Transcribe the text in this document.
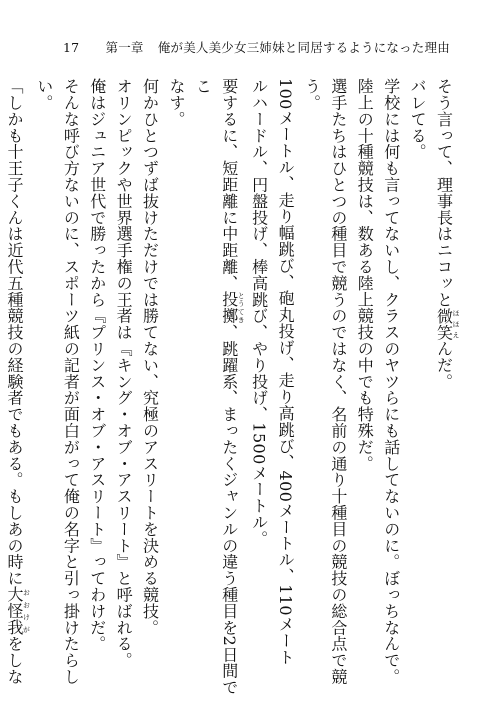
17 第一章 俺が美人美少女三姉妹と同居するようになった理由

そう言って、理事長はニコッと微笑ほほえんだ。

バレてる。

学校には何も言ってないし、クラスのヤツらにも話してないのに。ぼっちなんで。

陸上の十種競技は、数ある陸上競技の中でも特殊だ。

選手たちはひとつの種目で競うのではなく、名前の通り十種目の競技の総合点で競う。

100メートル、走り幅跳び、砲丸投げ、走り高跳び、400メートル、110メート

ルハードル、円盤投げ、棒高跳び、やり投げ、1500メートル。

要するに、短距離に中距離、投擲とうてき、跳躍系、まったくジャンルの違う種目を2日間でこ

なす。

何かひとつずば抜けただけでは勝てない、究極のアスリートを決める競技。

オリンピックや世界選手権の王者は『キング・オブ・アスリート』と呼ばれる。

俺はジュニア世代で勝ったから『プリンス・オブ・アスリート』ってわけだ。

そんな呼び方ないのに、スポーツ紙の記者が面白がって俺の名字と引っ掛けたらしい。

「しかも十王子くんは近代五種競技の経験者でもある。もしあの時に大怪我おおけがをしな
